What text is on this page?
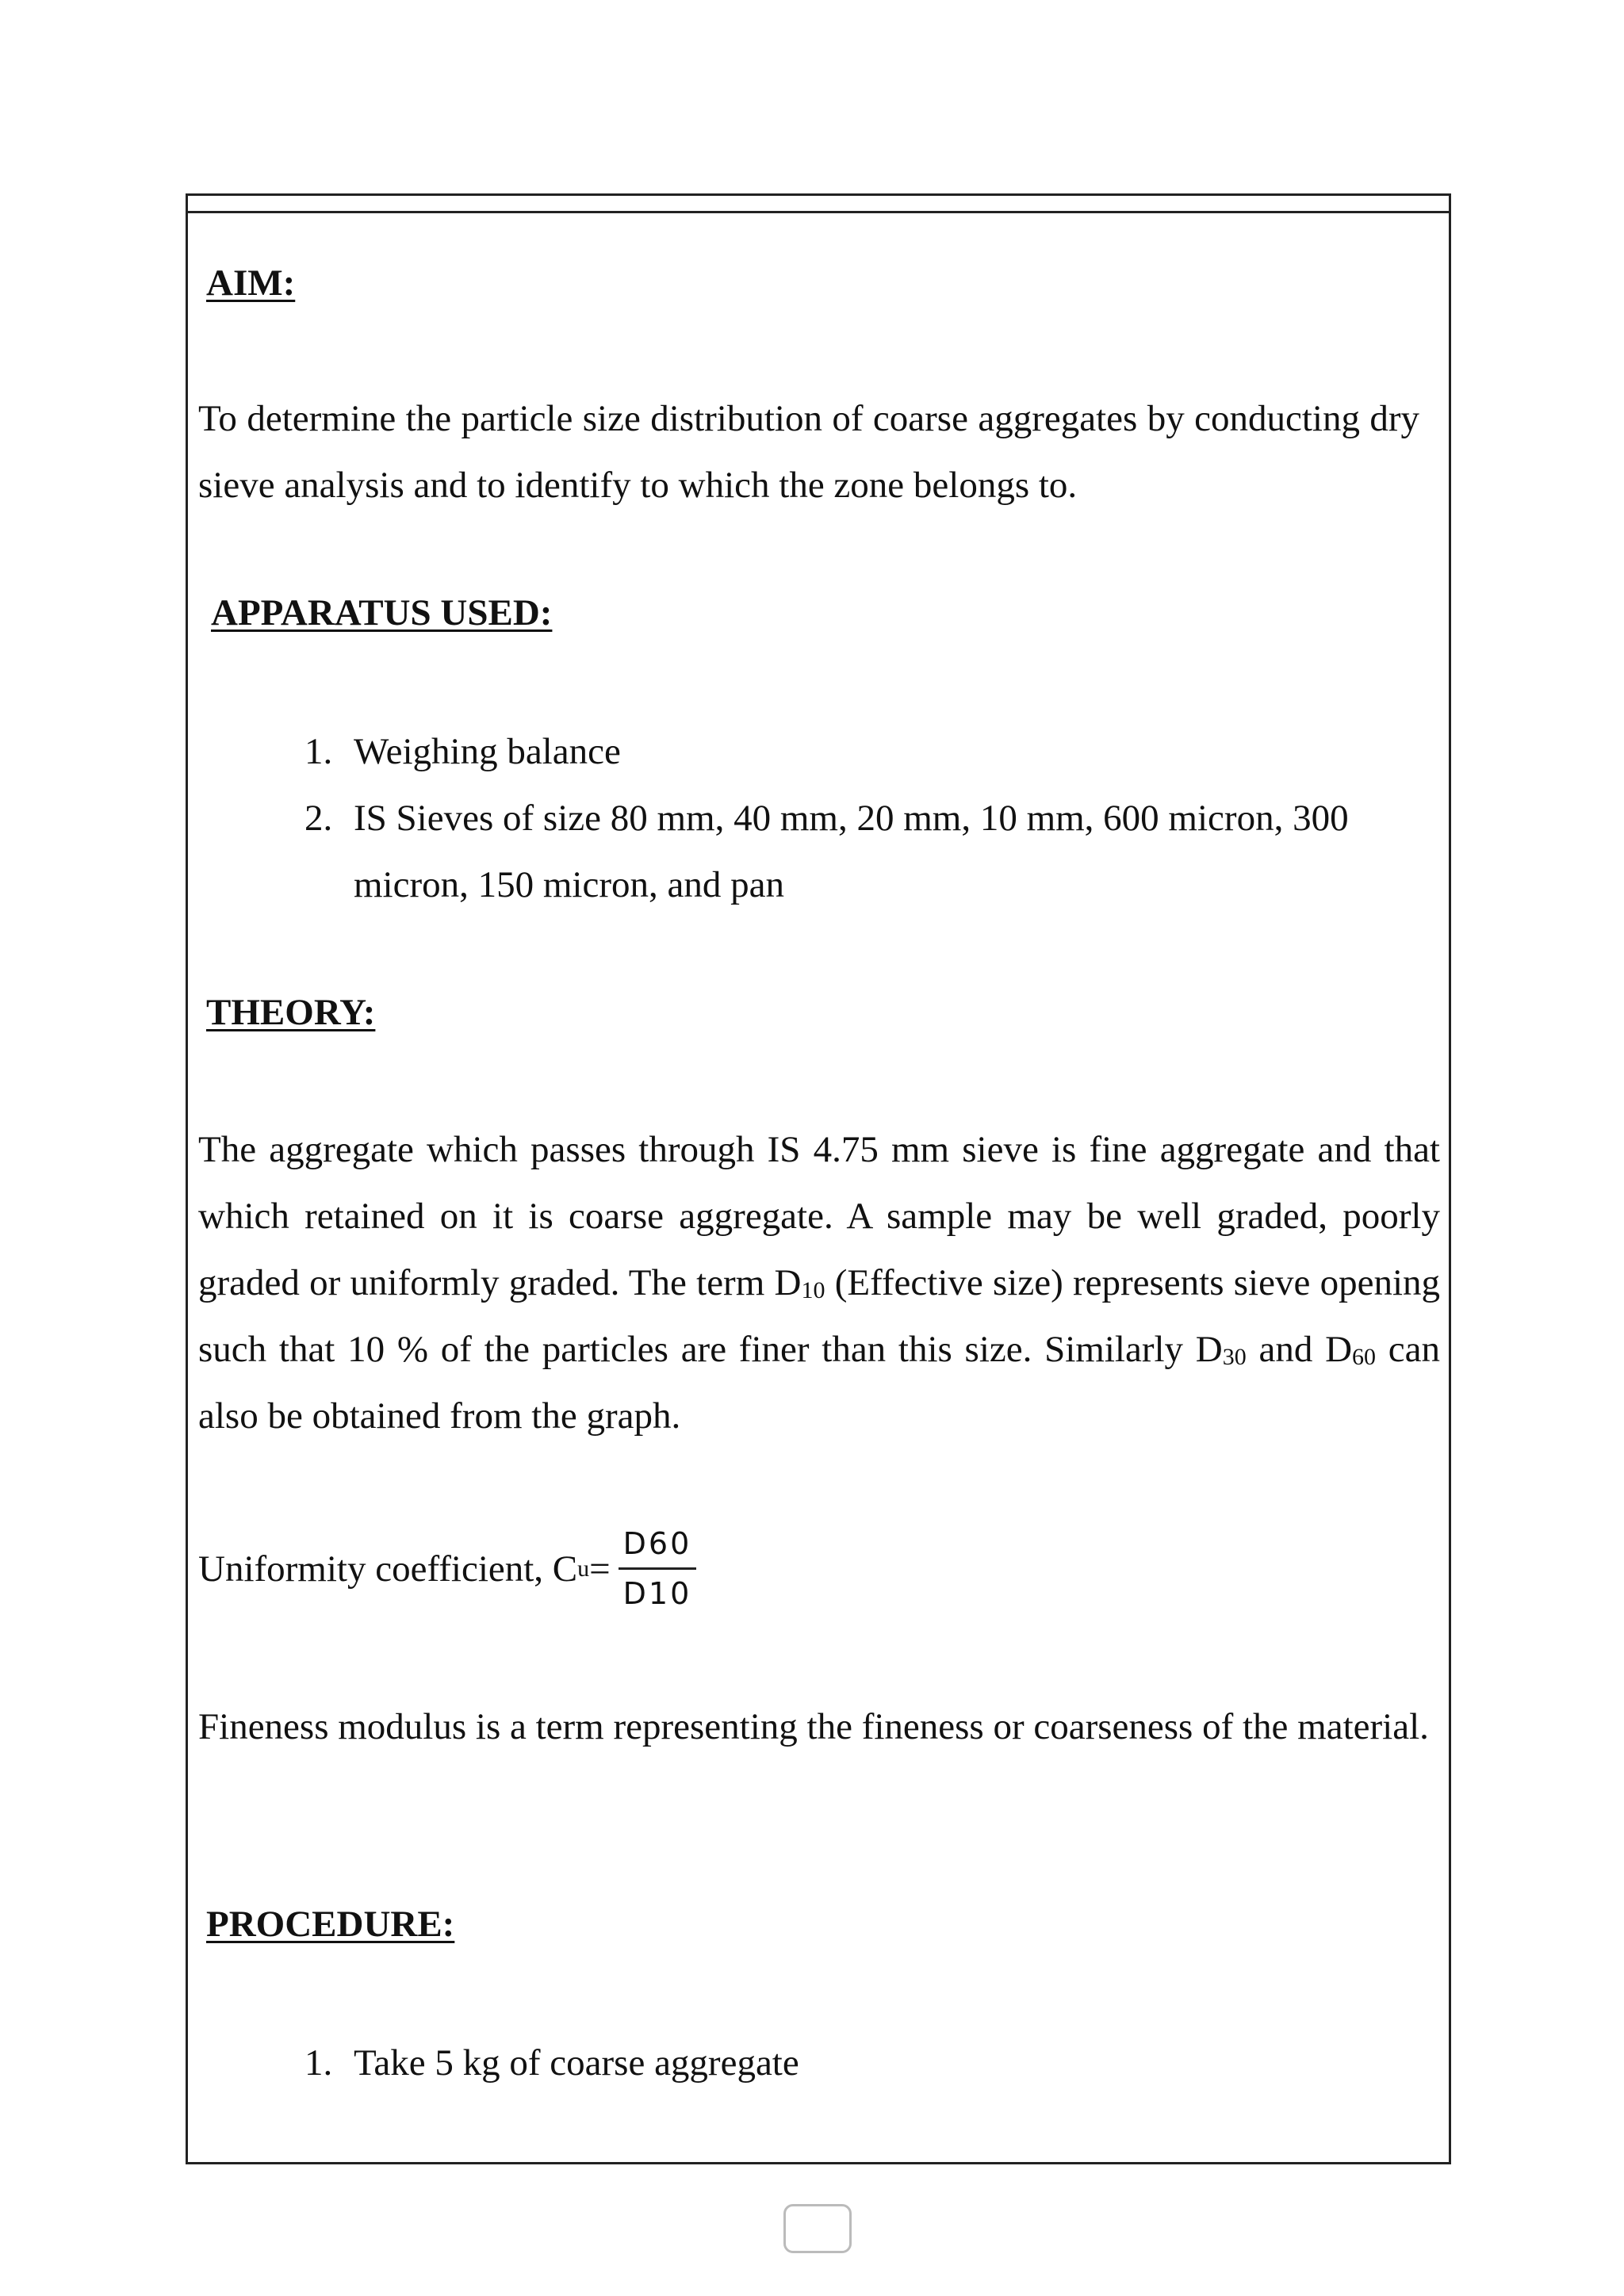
AIM:
To determine the particle size distribution of coarse aggregates by conducting dry sieve analysis and to identify to which the zone belongs to.
APPARATUS USED:
1. Weighing balance
2. IS Sieves of size 80 mm, 40 mm, 20 mm, 10 mm, 600 micron, 300 micron, 150 micron, and pan
THEORY:
The aggregate which passes through IS 4.75 mm sieve is fine aggregate and that which retained on it is coarse aggregate. A sample may be well graded, poorly graded or uniformly graded. The term $D_{10}$ (Effective size) represents sieve opening such that 10 % of the particles are finer than this size. Similarly $D_{30}$ and $D_{60}$ can also be obtained from the graph.
Uniformity coefficient, C $u = \frac{D60}{D10}$
Fineness modulus is a term representing the fineness or coarseness of the material.
PROCEDURE:
1. Take 5 kg of coarse aggregate
